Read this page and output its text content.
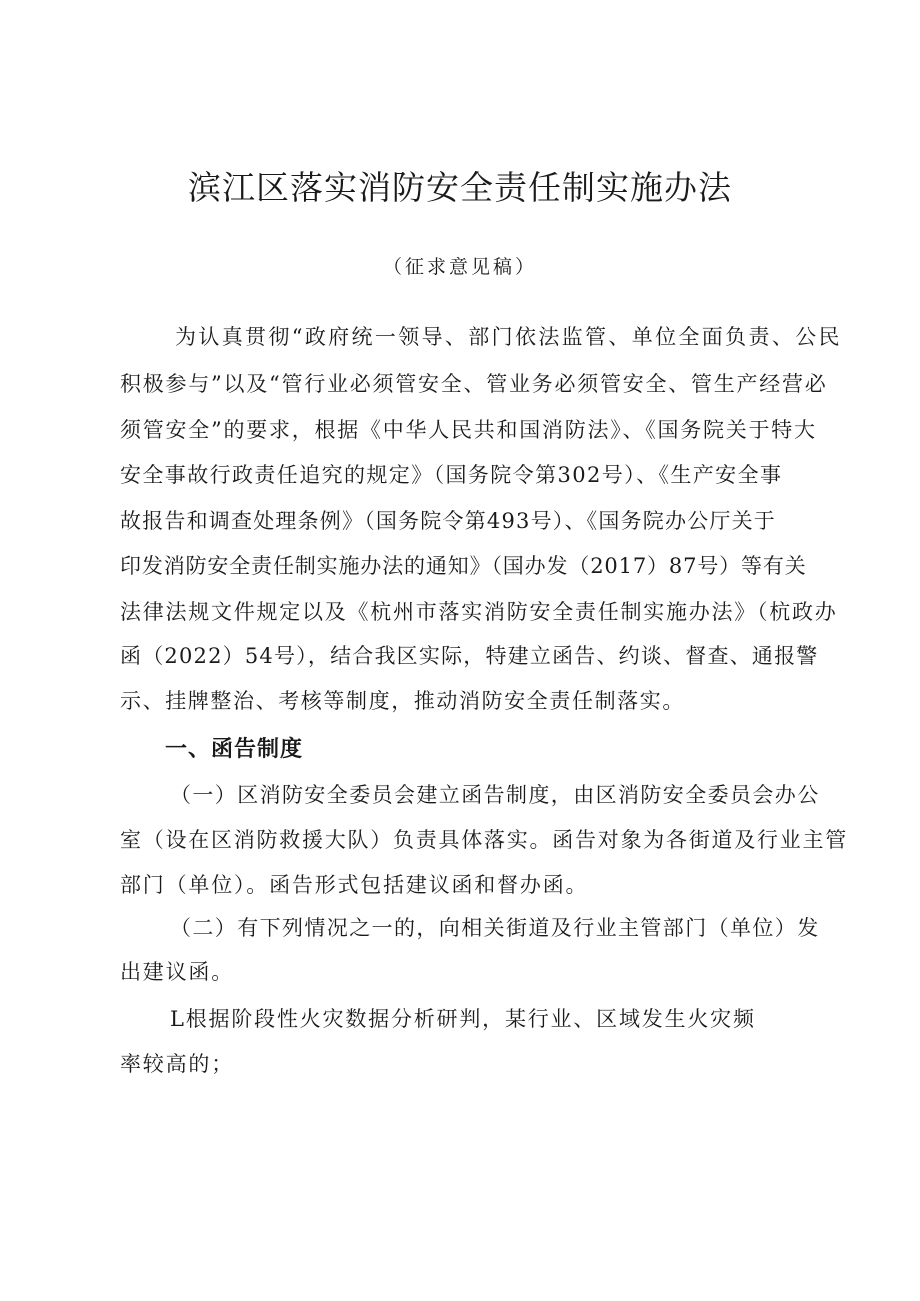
滨江区落实消防安全责任制实施办法

（征求意见稿）

为认真贯彻“政府统一领导、部门依法监管、单位全面负责、公民

积极参与”以及“管行业必须管安全、管业务必须管安全、管生产经营必

须管安全”的要求，根据《中华人民共和国消防法》、《国务院关于特大

安全事故行政责任追究的规定》（国务院令第302号）、《生产安全事

故报告和调查处理条例》（国务院令第493号）、《国务院办公厅关于

印发消防安全责任制实施办法的通知》（国办发（2017）87号）等有关

法律法规文件规定以及《杭州市落实消防安全责任制实施办法》（杭政办

函（2022）54号），结合我区实际，特建立函告、约谈、督查、通报警

示、挂牌整治、考核等制度，推动消防安全责任制落实。

一、函告制度

（一）区消防安全委员会建立函告制度，由区消防安全委员会办公

室（设在区消防救援大队）负责具体落实。函告对象为各街道及行业主管

部门（单位）。函告形式包括建议函和督办函。

（二）有下列情况之一的，向相关街道及行业主管部门（单位）发

出建议函。

L根据阶段性火灾数据分析研判，某行业、区域发生火灾频

率较高的；
